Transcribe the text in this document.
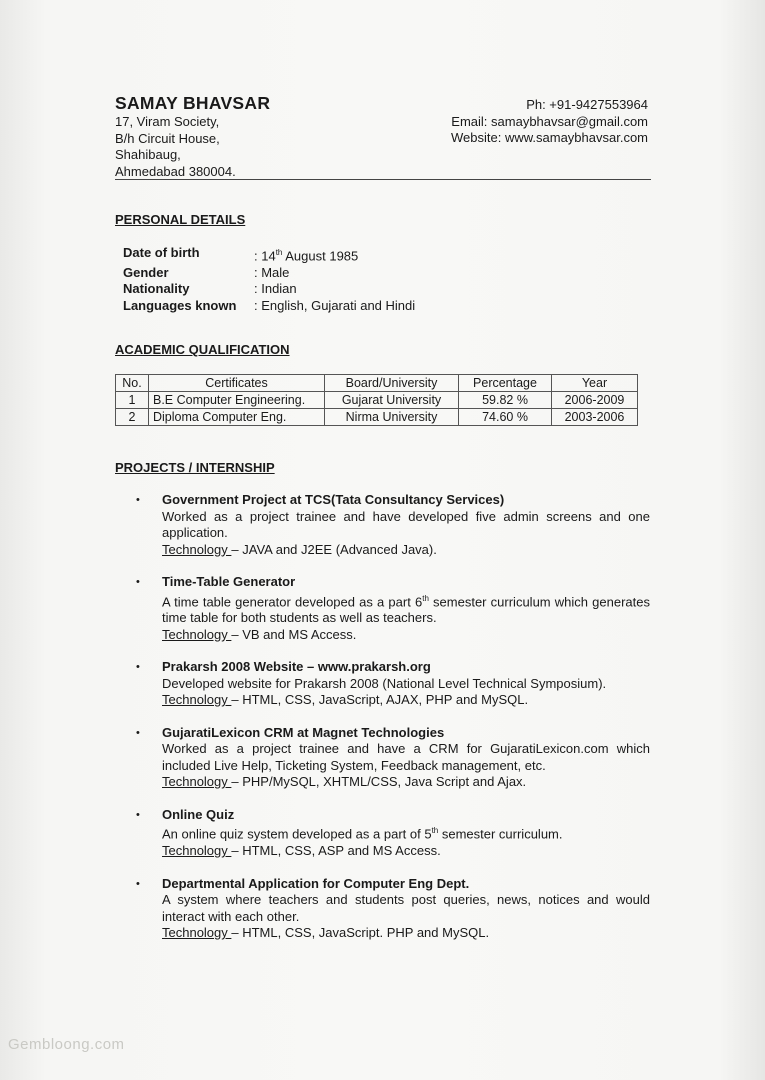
SAMAY BHAVSAR
17, Viram Society,
B/h Circuit House,
Shahibaug,
Ahmedabad 380004.
Ph: +91-9427553964
Email: samaybhavsar@gmail.com
Website: www.samaybhavsar.com
PERSONAL DETAILS
Date of birth	: 14th August 1985
Gender	: Male
Nationality	: Indian
Languages known	: English, Gujarati and Hindi
ACADEMIC QUALIFICATION
No.	Certificates	Board/University	Percentage	Year
1	B.E Computer Engineering.	Gujarat University	59.82 %	2006-2009
2	Diploma Computer Eng.	Nirma University	74.60 %	2003-2006
PROJECTS / INTERNSHIP
• Government Project at TCS(Tata Consultancy Services)
Worked as a project trainee and have developed five admin screens and one application.
Technology – JAVA and J2EE (Advanced Java).
• Time-Table Generator
A time table generator developed as a part 6th semester curriculum which generates time table for both students as well as teachers.
Technology – VB and MS Access.
• Prakarsh 2008 Website – www.prakarsh.org
Developed website for Prakarsh 2008 (National Level Technical Symposium).
Technology – HTML, CSS, JavaScript, AJAX, PHP and MySQL.
• GujaratiLexicon CRM at Magnet Technologies
Worked as a project trainee and have a CRM for GujaratiLexicon.com which included Live Help, Ticketing System, Feedback management, etc.
Technology – PHP/MySQL, XHTML/CSS, Java Script and Ajax.
• Online Quiz
An online quiz system developed as a part of 5th semester curriculum.
Technology – HTML, CSS, ASP and MS Access.
• Departmental Application for Computer Eng Dept.
A system where teachers and students post queries, news, notices and would interact with each other.
Technology – HTML, CSS, JavaScript. PHP and MySQL.
Gembloong.com
